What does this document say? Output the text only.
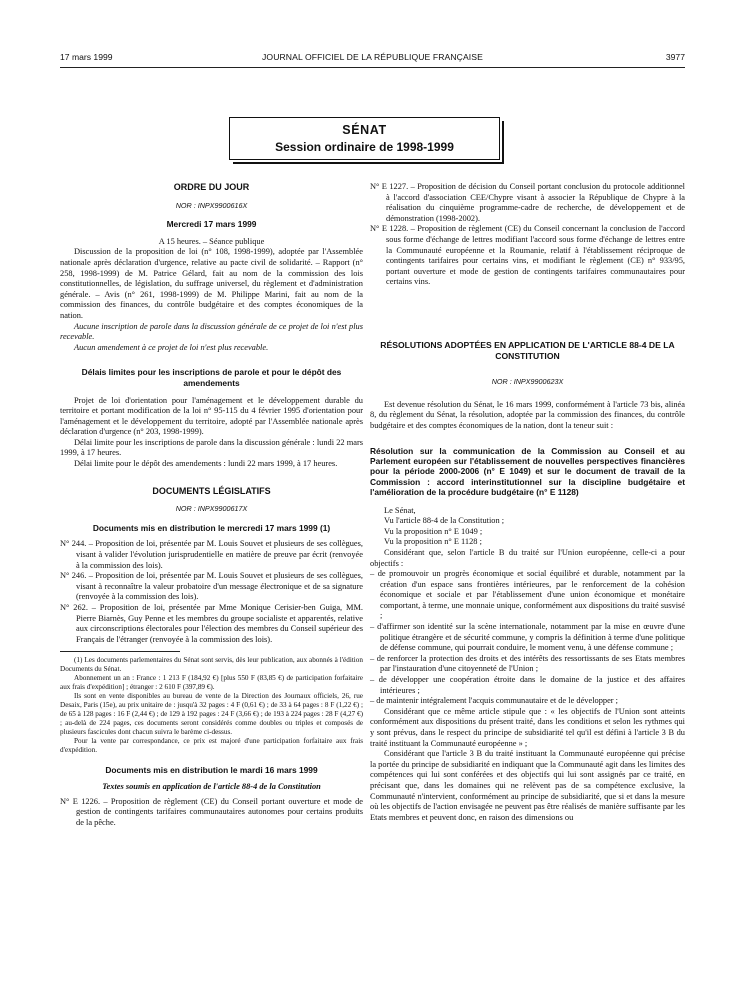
17 mars 1999	JOURNAL OFFICIEL DE LA RÉPUBLIQUE FRANÇAISE	3977
SÉNAT
Session ordinaire de 1998-1999
ORDRE DU JOUR
NOR : INPX9900616X
Mercredi 17 mars 1999

A 15 heures. – Séance publique

Discussion de la proposition de loi (n° 108, 1998-1999), adoptée par l'Assemblée nationale après déclaration d'urgence, relative au pacte civil de solidarité. – Rapport (n° 258, 1998-1999) de M. Patrice Gélard, fait au nom de la commission des lois constitutionnelles, de législation, du suffrage universel, du règlement et d'administration générale. – Avis (n° 261, 1998-1999) de M. Philippe Marini, fait au nom de la commission des finances, du contrôle budgétaire et des comptes économiques de la nation.

Aucune inscription de parole dans la discussion générale de ce projet de loi n'est plus recevable.

Aucun amendement à ce projet de loi n'est plus recevable.

Délais limites pour les inscriptions de parole et pour le dépôt des amendements

Projet de loi d'orientation pour l'aménagement et le développement durable du territoire et portant modification de la loi n° 95-115 du 4 février 1995 d'orientation pour l'aménagement et le développement du territoire, adopté par l'Assemblée nationale après déclaration d'urgence (n° 203, 1998-1999).

Délai limite pour les inscriptions de parole dans la discussion générale : lundi 22 mars 1999, à 17 heures.

Délai limite pour le dépôt des amendements : lundi 22 mars 1999, à 17 heures.

DOCUMENTS LÉGISLATIFS
NOR : INPX9900617X
Documents mis en distribution le mercredi 17 mars 1999 (1)

N° 244. – Proposition de loi, présentée par M. Louis Souvet et plusieurs de ses collègues, visant à valider l'évolution jurisprudentielle en matière de preuve par écrit (renvoyée à la commission des lois).

N° 246. – Proposition de loi, présentée par M. Louis Souvet et plusieurs de ses collègues, visant à reconnaître la valeur probatoire d'un message électronique et de sa signature (renvoyée à la commission des lois).

N° 262. – Proposition de loi, présentée par Mme Monique Cerisier-ben Guiga, MM. Pierre Biarnès, Guy Penne et les membres du groupe socialiste et apparentés, relative aux circonscriptions électorales pour l'élection des membres du Conseil supérieur des Français de l'étranger (renvoyée à la commission des lois).

(1) Les documents parlementaires du Sénat sont servis, dès leur publication, aux abonnés à l'édition Documents du Sénat.

Abonnement un an : France : 1 213 F (184,92 €) [plus 550 F (83,85 €) de participation forfaitaire aux frais d'expédition] ; étranger : 2 610 F (397,89 €).

Ils sont en vente disponibles au bureau de vente de la Direction des Journaux officiels, 26, rue Desaix, Paris (15e), au prix unitaire de : jusqu'à 32 pages : 4 F (0,61 €) ; de 33 à 64 pages : 8 F (1,22 €) ; de 65 à 128 pages : 16 F (2,44 €) ; de 129 à 192 pages : 24 F (3,66 €) ; de 193 à 224 pages : 28 F (4,27 €) ; au-delà de 224 pages, ces documents seront considérés comme doubles ou triples et composés de plusieurs fascicules dont chacun suivra le barème ci-dessus.

Pour la vente par correspondance, ce prix est majoré d'une participation forfaitaire aux frais d'expédition.

Documents mis en distribution le mardi 16 mars 1999
Textes soumis en application de l'article 88-4 de la Constitution

N° E 1226. – Proposition de règlement (CE) du Conseil portant ouverture et mode de gestion de contingents tarifaires communautaires autonomes pour certains produits de la pêche.

N° E 1227. – Proposition de décision du Conseil portant conclusion du protocole additionnel à l'accord d'association CEE/Chypre visant à associer la République de Chypre à la réalisation du cinquième programme-cadre de recherche, de développement et de démonstration (1998-2002).

N° E 1228. – Proposition de règlement (CE) du Conseil concernant la conclusion de l'accord sous forme d'échange de lettres modifiant l'accord sous forme d'échange de lettres entre la Communauté européenne et la Roumanie, relatif à l'établissement réciproque de contingents tarifaires pour certains vins, et modifiant le règlement (CE) n° 933/95, portant ouverture et mode de gestion de contingents tarifaires communautaires pour certains vins.

RÉSOLUTIONS ADOPTÉES EN APPLICATION DE L'ARTICLE 88-4 DE LA CONSTITUTION
NOR : INPX9900623X

Est devenue résolution du Sénat, le 16 mars 1999, conformément à l'article 73 bis, alinéa 8, du règlement du Sénat, la résolution, adoptée par la commission des finances, du contrôle budgétaire et des comptes économiques de la nation, dont la teneur suit :

Résolution sur la communication de la Commission au Conseil et au Parlement européen sur l'établissement de nouvelles perspectives financières pour la période 2000-2006 (n° E 1049) et sur le document de travail de la Commission : accord interinstitutionnel sur la discipline budgétaire et l'amélioration de la procédure budgétaire (n° E 1128)

Le Sénat,

Vu l'article 88-4 de la Constitution ;

Vu la proposition n° E 1049 ;

Vu la proposition n° E 1128 ;

Considérant que, selon l'article B du traité sur l'Union européenne, celle-ci a pour objectifs :

– de promouvoir un progrès économique et social équilibré et durable, notamment par la création d'un espace sans frontières intérieures, par le renforcement de la cohésion économique et sociale et par l'établissement d'une union économique et monétaire comportant, à terme, une monnaie unique, conformément aux dispositions du traité susvisé ;

– d'affirmer son identité sur la scène internationale, notamment par la mise en œuvre d'une politique étrangère et de sécurité commune, y compris la définition à terme d'une politique de défense commune, qui pourrait conduire, le moment venu, à une défense commune ;

– de renforcer la protection des droits et des intérêts des ressortissants de ses Etats membres par l'instauration d'une citoyenneté de l'Union ;

– de développer une coopération étroite dans le domaine de la justice et des affaires intérieures ;

– de maintenir intégralement l'acquis communautaire et de le développer ;

Considérant que ce même article stipule que : « les objectifs de l'Union sont atteints conformément aux dispositions du présent traité, dans les conditions et selon les rythmes qui y sont prévus, dans le respect du principe de subsidiarité tel qu'il est défini à l'article 3 B du traité instituant la Communauté européenne » ;

Considérant que l'article 3 B du traité instituant la Communauté européenne qui précise la portée du principe de subsidiarité en indiquant que la Communauté agit dans les limites des compétences qui lui sont conférées et des objectifs qui lui sont assignés par ce traité, en précisant que, dans les domaines qui ne relèvent pas de sa compétence exclusive, la Communauté n'intervient, conformément au principe de subsidiarité, que si et dans la mesure où les objectifs de l'action envisagée ne peuvent pas être réalisés de manière suffisante par les Etats membres et peuvent donc, en raison des dimensions ou
